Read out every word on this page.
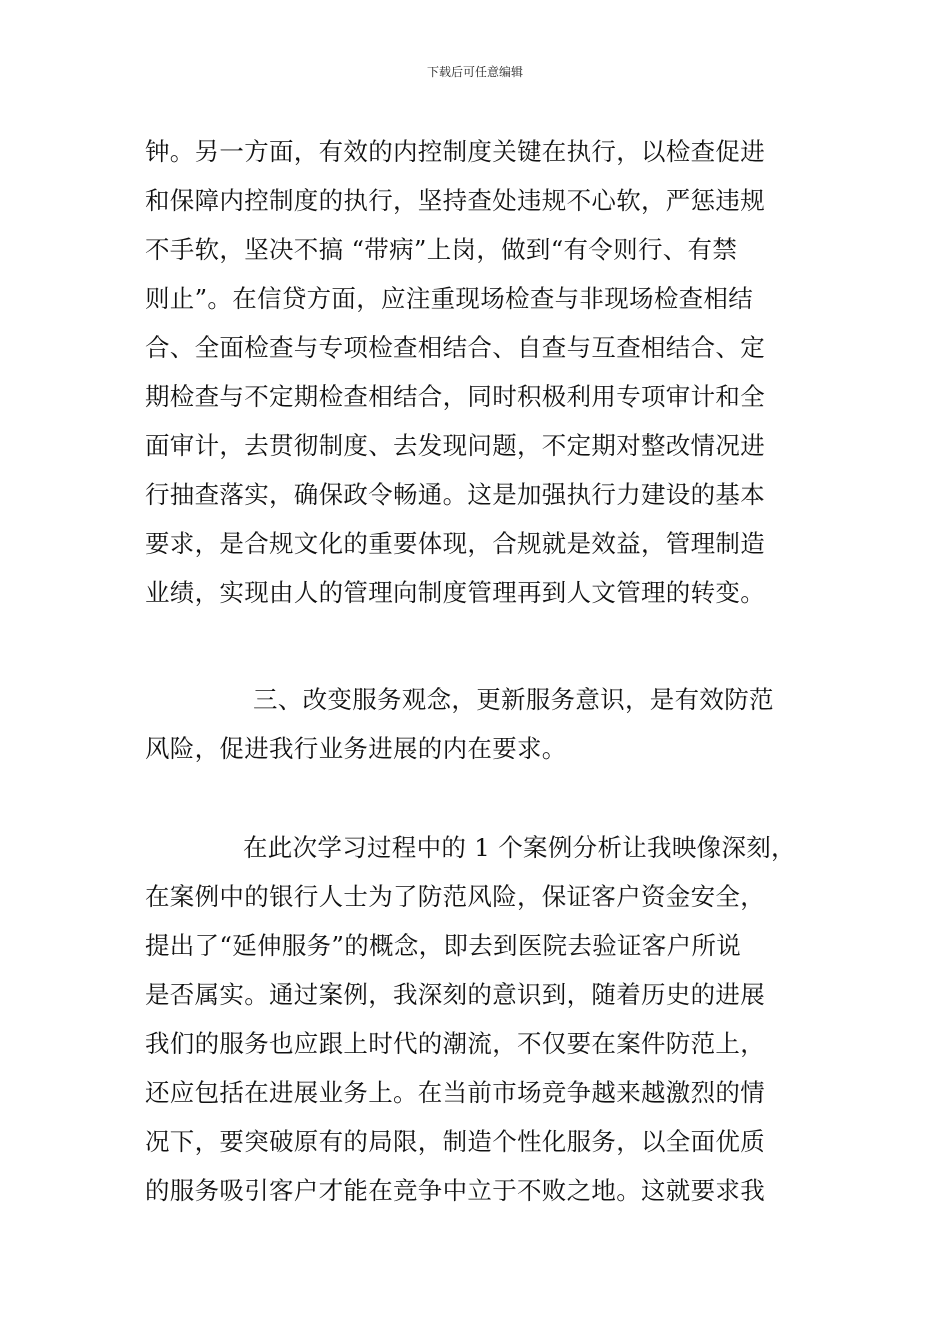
下载后可任意编辑
钟。另一方面，有效的内控制度关键在执行，以检查促进
和保障内控制度的执行，坚持查处违规不心软，严惩违规
不手软，坚决不搞 “带病”上岗，做到“有令则行、有禁
则止”。在信贷方面，应注重现场检查与非现场检查相结
合、全面检查与专项检查相结合、自查与互查相结合、定
期检查与不定期检查相结合，同时积极利用专项审计和全
面审计，去贯彻制度、去发现问题，不定期对整改情况进
行抽查落实，确保政令畅通。这是加强执行力建设的基本
要求，是合规文化的重要体现，合规就是效益，管理制造
业绩，实现由人的管理向制度管理再到人文管理的转变。
三、改变服务观念，更新服务意识，是有效防范
风险，促进我行业务进展的内在要求。
在此次学习过程中的 1 个案例分析让我映像深刻，
在案例中的银行人士为了防范风险，保证客户资金安全，
提出了“延伸服务”的概念，即去到医院去验证客户所说
是否属实。通过案例，我深刻的意识到，随着历史的进展
我们的服务也应跟上时代的潮流，不仅要在案件防范上，
还应包括在进展业务上。在当前市场竞争越来越激烈的情
况下，要突破原有的局限，制造个性化服务，以全面优质
的服务吸引客户才能在竞争中立于不败之地。这就要求我
